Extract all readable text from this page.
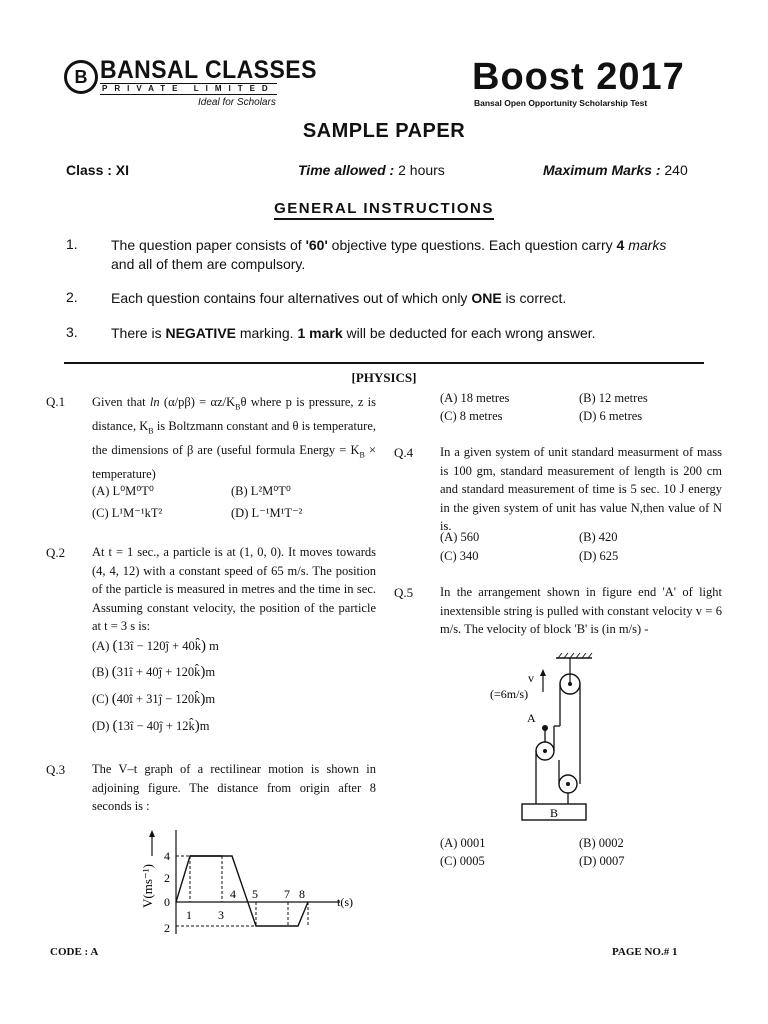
B BANSAL CLASSES
PRIVATE LIMITED
Ideal for Scholars
Boost 2017
Bansal Open Opportunity Scholarship Test
SAMPLE PAPER
Class : XI	Time allowed : 2 hours	Maximum Marks : 240
GENERAL INSTRUCTIONS
1. The question paper consists of '60' objective type questions. Each question carry 4 marks
and all of them are compulsory.
2. Each question contains four alternatives out of which only ONE is correct.
3. There is NEGATIVE marking. 1 mark will be deducted for each wrong answer.
[PHYSICS]
Q.1 Given that $\ln (\alpha/p\beta) = \alpha z/K_B\theta$ where p is pressure, z is distance, $K_B$ is Boltzmann constant and θ is temperature, the dimensions of β are (useful formula Energy = $K_B$ × temperature)
(A) L⁰M⁰T⁰	(B) L²M⁰T⁰
(C) L¹M⁻¹kT²	(D) L⁻¹M¹T⁻²
Q.2 At t = 1 sec., a particle is at (1, 0, 0). It moves towards (4, 4, 12) with a constant speed of 65 m/s. The position of the particle is measured in metres and the time in sec. Assuming constant velocity, the position of the particle at t = 3 s is:
(A) (13î − 120ĵ + 40k̂) m
(B) (31î + 40ĵ + 120k̂)m
(C) (40î + 31ĵ − 120k̂)m
(D) (13î − 40ĵ + 12k̂)m
Q.3 The V–t graph of a rectilinear motion is shown in adjoining figure. The distance from origin after 8 seconds is :
V(ms⁻¹)
4
2
0
2
4 5 7 8
1 3
t(s)
(A) 18 metres	(B) 12 metres
(C) 8 metres	(D) 6 metres
Q.4 In a given system of unit standard measurment of mass is 100 gm, standard measurement of length is 200 cm and standard measurement of time is 5 sec. 10 J energy in the given system of unit has value N,then value of N is.
(A) 560	(B) 420
(C) 340	(D) 625
Q.5 In the arrangement shown in figure end 'A' of light inextensible string is pulled with constant velocity v = 6 m/s. The velocity of block 'B' is (in m/s) -
B
v
(=6m/s)
A
(A) 0001	(B) 0002
(C) 0005	(D) 0007
CODE : A	PAGE NO.# 1
